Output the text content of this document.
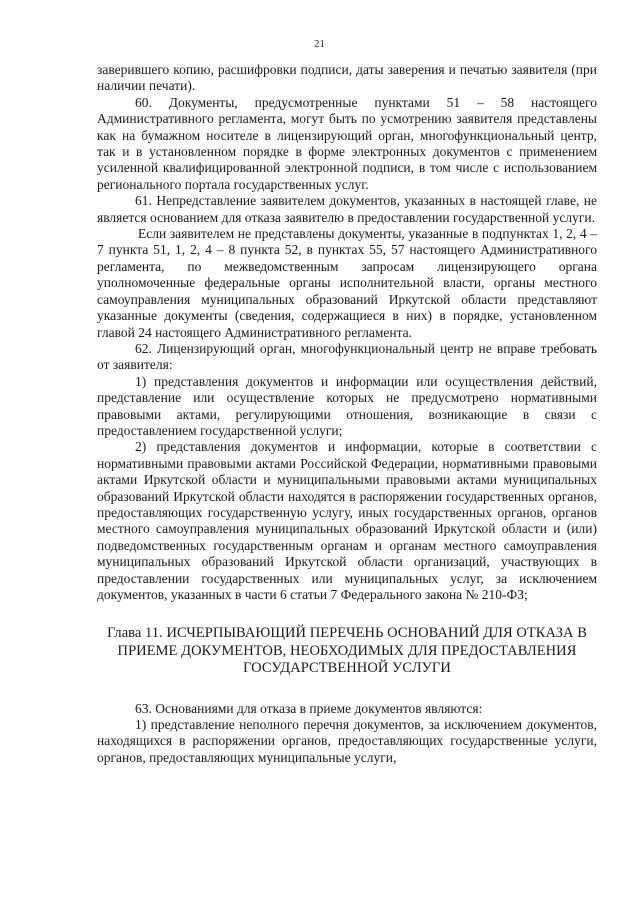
21

заверившего копию, расшифровки подписи, даты заверения и печатью заявителя (при наличии печати).

60. Документы, предусмотренные пунктами 51 – 58 настоящего Административного регламента, могут быть по усмотрению заявителя представлены как на бумажном носителе в лицензирующий орган, многофункциональный центр, так и в установленном порядке в форме электронных документов с применением усиленной квалифицированной электронной подписи, в том числе с использованием регионального портала государственных услуг.

61. Непредставление заявителем документов, указанных в настоящей главе, не является основанием для отказа заявителю в предоставлении государственной услуги.

Если заявителем не представлены документы, указанные в подпунктах 1, 2, 4 – 7 пункта 51, 1, 2, 4 – 8 пункта 52, в пунктах 55, 57 настоящего Административного регламента, по межведомственным запросам лицензирующего органа уполномоченные федеральные органы исполнительной власти, органы местного самоуправления муниципальных образований Иркутской области представляют указанные документы (сведения, содержащиеся в них) в порядке, установленном главой 24 настоящего Административного регламента.

62. Лицензирующий орган, многофункциональный центр не вправе требовать от заявителя:

1) представления документов и информации или осуществления действий, представление или осуществление которых не предусмотрено нормативными правовыми актами, регулирующими отношения, возникающие в связи с предоставлением государственной услуги;

2) представления документов и информации, которые в соответствии с нормативными правовыми актами Российской Федерации, нормативными правовыми актами Иркутской области и муниципальными правовыми актами муниципальных образований Иркутской области находятся в распоряжении государственных органов, предоставляющих государственную услугу, иных государственных органов, органов местного самоуправления муниципальных образований Иркутской области и (или) подведомственных государственным органам и органам местного самоуправления муниципальных образований Иркутской области организаций, участвующих в предоставлении государственных или муниципальных услуг, за исключением документов, указанных в части 6 статьи 7 Федерального закона № 210-ФЗ;

Глава 11. ИСЧЕРПЫВАЮЩИЙ ПЕРЕЧЕНЬ ОСНОВАНИЙ ДЛЯ ОТКАЗА В ПРИЕМЕ ДОКУМЕНТОВ, НЕОБХОДИМЫХ ДЛЯ ПРЕДОСТАВЛЕНИЯ ГОСУДАРСТВЕННОЙ УСЛУГИ

63. Основаниями для отказа в приеме документов являются:

1) представление неполного перечня документов, за исключением документов, находящихся в распоряжении органов, предоставляющих государственные услуги, органов, предоставляющих муниципальные услуги,
